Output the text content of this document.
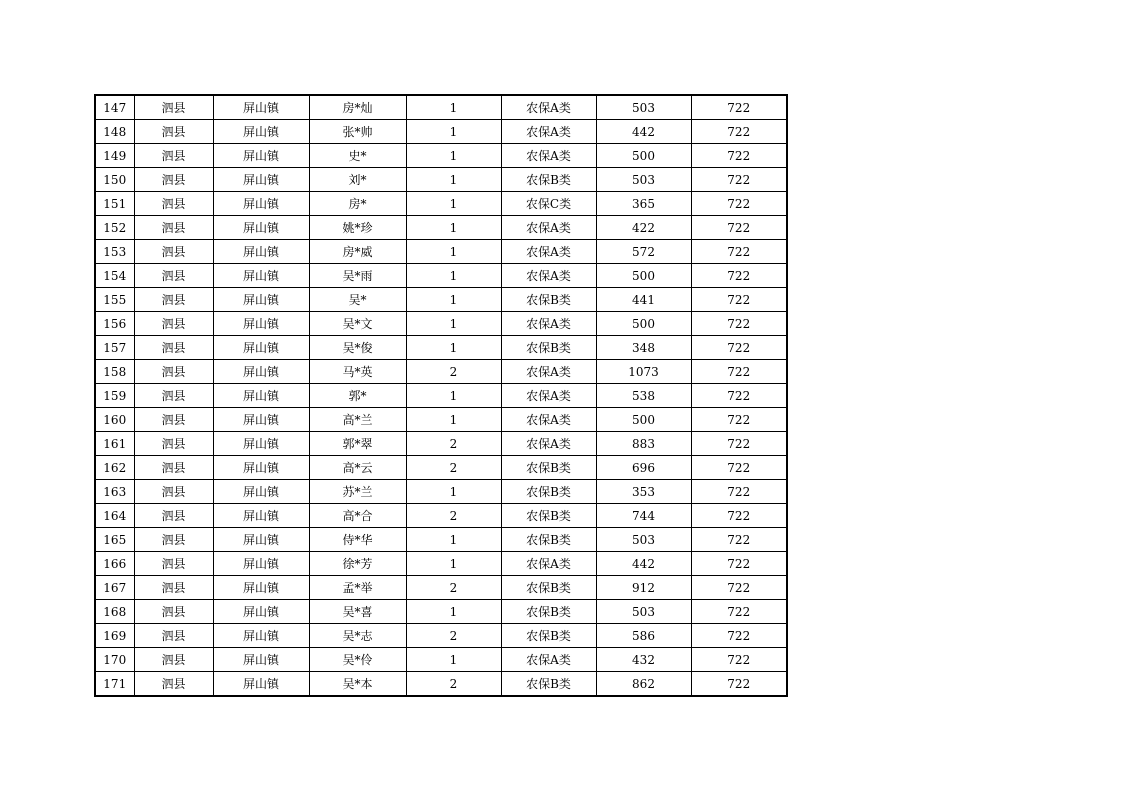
147	泗县	屏山镇	房*灿	1	农保A类	503	722
148	泗县	屏山镇	张*帅	1	农保A类	442	722
149	泗县	屏山镇	史*	1	农保A类	500	722
150	泗县	屏山镇	刘*	1	农保B类	503	722
151	泗县	屏山镇	房*	1	农保C类	365	722
152	泗县	屏山镇	姚*珍	1	农保A类	422	722
153	泗县	屏山镇	房*威	1	农保A类	572	722
154	泗县	屏山镇	吴*雨	1	农保A类	500	722
155	泗县	屏山镇	吴*	1	农保B类	441	722
156	泗县	屏山镇	吴*文	1	农保A类	500	722
157	泗县	屏山镇	吴*俊	1	农保B类	348	722
158	泗县	屏山镇	马*英	2	农保A类	1073	722
159	泗县	屏山镇	郭*	1	农保A类	538	722
160	泗县	屏山镇	高*兰	1	农保A类	500	722
161	泗县	屏山镇	郭*翠	2	农保A类	883	722
162	泗县	屏山镇	高*云	2	农保B类	696	722
163	泗县	屏山镇	苏*兰	1	农保B类	353	722
164	泗县	屏山镇	高*合	2	农保B类	744	722
165	泗县	屏山镇	侍*华	1	农保B类	503	722
166	泗县	屏山镇	徐*芳	1	农保A类	442	722
167	泗县	屏山镇	孟*举	2	农保B类	912	722
168	泗县	屏山镇	吴*喜	1	农保B类	503	722
169	泗县	屏山镇	吴*志	2	农保B类	586	722
170	泗县	屏山镇	吴*伶	1	农保A类	432	722
171	泗县	屏山镇	吴*本	2	农保B类	862	722
